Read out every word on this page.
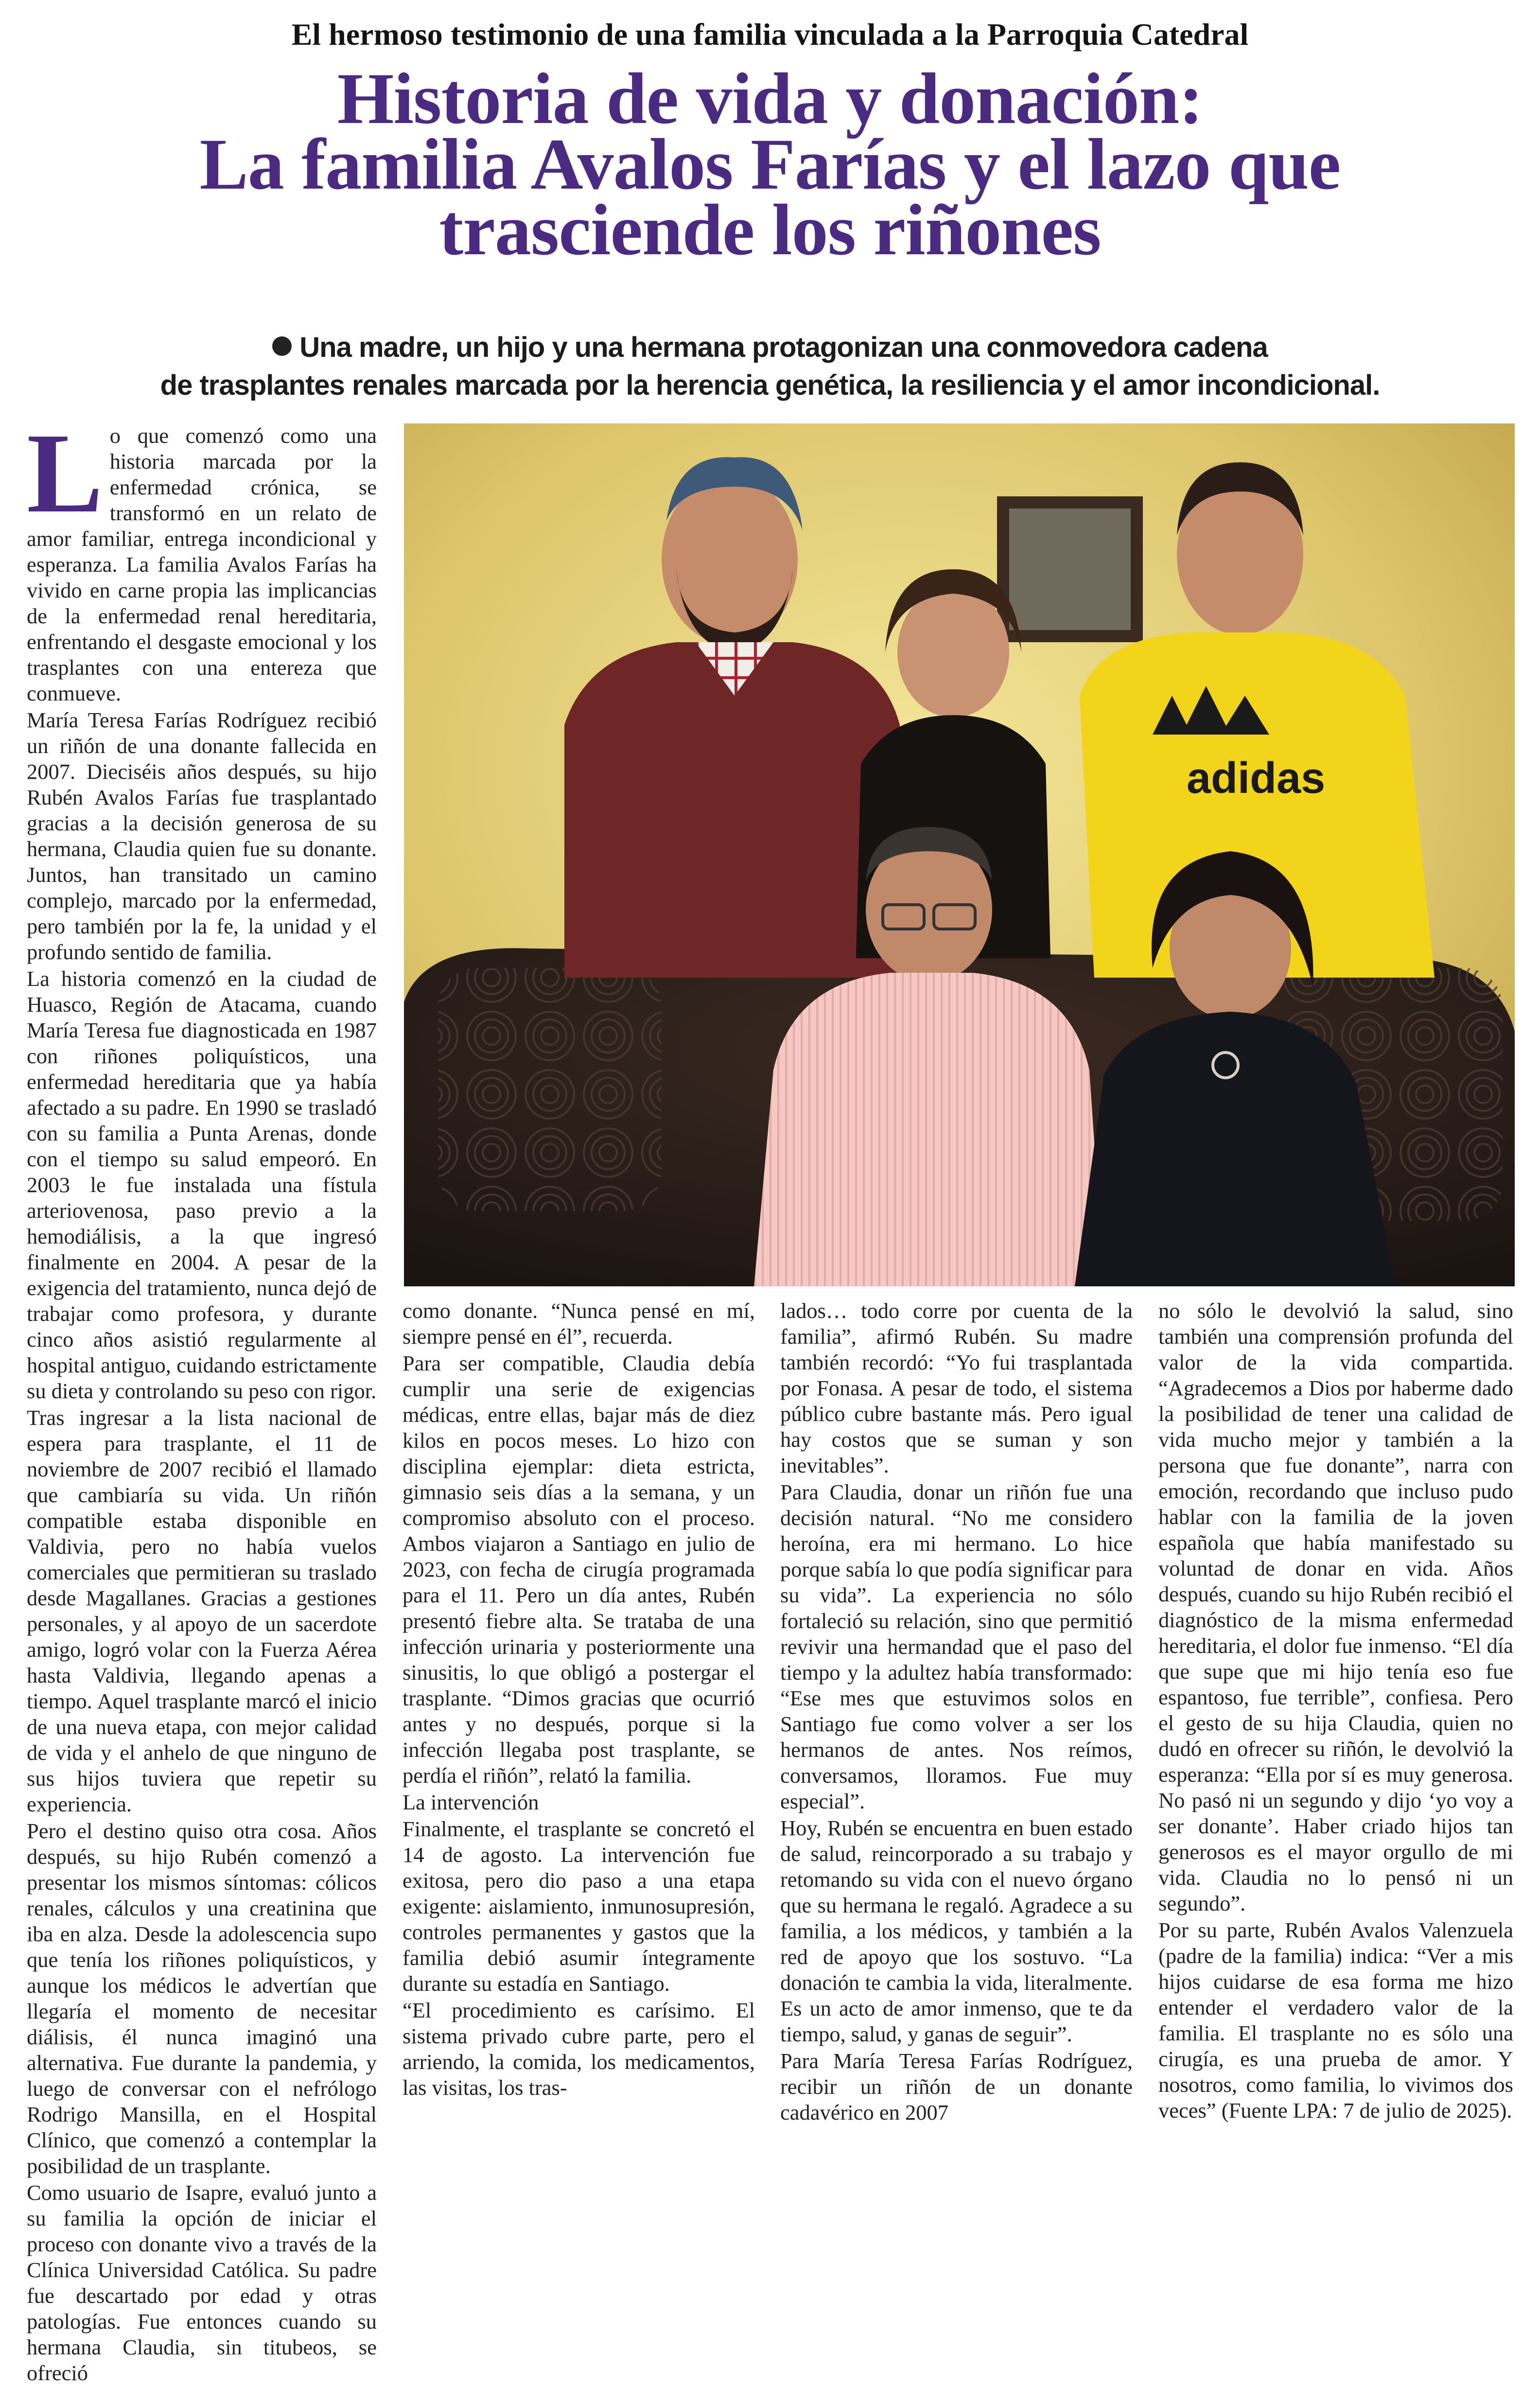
El hermoso testimonio de una familia vinculada a la Parroquia Catedral
Historia de vida y donación:
La familia Avalos Farías y el lazo que
trasciende los riñones
Una madre, un hijo y una hermana protagonizan una conmovedora cadena
de trasplantes renales marcada por la herencia genética, la resiliencia y el amor incondicional.

Lo que comenzó como una historia marcada por la enfermedad crónica, se transformó en un relato de amor familiar, entrega incondicional y esperanza. La familia Avalos Farías ha vivido en carne propia las implicancias de la enfermedad renal hereditaria, enfrentando el desgaste emocional y los trasplantes con una entereza que conmueve.

María Teresa Farías Rodríguez recibió un riñón de una donante fallecida en 2007. Dieciséis años después, su hijo Rubén Avalos Farías fue trasplantado gracias a la decisión generosa de su hermana, Claudia quien fue su donante. Juntos, han transitado un camino complejo, marcado por la enfermedad, pero también por la fe, la unidad y el profundo sentido de familia.

La historia comenzó en la ciudad de Huasco, Región de Atacama, cuando María Teresa fue diagnosticada en 1987 con riñones poliquísticos, una enfermedad hereditaria que ya había afectado a su padre. En 1990 se trasladó con su familia a Punta Arenas, donde con el tiempo su salud empeoró. En 2003 le fue instalada una fístula arteriovenosa, paso previo a la hemodiálisis, a la que ingresó finalmente en 2004. A pesar de la exigencia del tratamiento, nunca dejó de trabajar como profesora, y durante cinco años asistió regularmente al hospital antiguo, cuidando estrictamente su dieta y controlando su peso con rigor.

Tras ingresar a la lista nacional de espera para trasplante, el 11 de noviembre de 2007 recibió el llamado que cambiaría su vida. Un riñón compatible estaba disponible en Valdivia, pero no había vuelos comerciales que permitieran su traslado desde Magallanes. Gracias a gestiones personales, y al apoyo de un sacerdote amigo, logró volar con la Fuerza Aérea hasta Valdivia, llegando apenas a tiempo. Aquel trasplante marcó el inicio de una nueva etapa, con mejor calidad de vida y el anhelo de que ninguno de sus hijos tuviera que repetir su experiencia.

Pero el destino quiso otra cosa. Años después, su hijo Rubén comenzó a presentar los mismos síntomas: cólicos renales, cálculos y una creatinina que iba en alza. Desde la adolescencia supo que tenía los riñones poliquísticos, y aunque los médicos le advertían que llegaría el momento de necesitar diálisis, él nunca imaginó una alternativa. Fue durante la pandemia, y luego de conversar con el nefrólogo Rodrigo Mansilla, en el Hospital Clínico, que comenzó a contemplar la posibilidad de un trasplante.

Como usuario de Isapre, evaluó junto a su familia la opción de iniciar el proceso con donante vivo a través de la Clínica Universidad Católica. Su padre fue descartado por edad y otras patologías. Fue entonces cuando su hermana Claudia, sin titubeos, se ofreció

adidas

como donante. “Nunca pensé en mí, siempre pensé en él”, recuerda.

Para ser compatible, Claudia debía cumplir una serie de exigencias médicas, entre ellas, bajar más de diez kilos en pocos meses. Lo hizo con disciplina ejemplar: dieta estricta, gimnasio seis días a la semana, y un compromiso absoluto con el proceso. Ambos viajaron a Santiago en julio de 2023, con fecha de cirugía programada para el 11. Pero un día antes, Rubén presentó fiebre alta. Se trataba de una infección urinaria y posteriormente una sinusitis, lo que obligó a postergar el trasplante. “Dimos gracias que ocurrió antes y no después, porque si la infección llegaba post trasplante, se perdía el riñón”, relató la familia.

La intervención

Finalmente, el trasplante se concretó el 14 de agosto. La intervención fue exitosa, pero dio paso a una etapa exigente: aislamiento, inmunosupresión, controles permanentes y gastos que la familia debió asumir íntegramente durante su estadía en Santiago.

“El procedimiento es carísimo. El sistema privado cubre parte, pero el arriendo, la comida, los medicamentos, las visitas, los tras-

lados… todo corre por cuenta de la familia”, afirmó Rubén. Su madre también recordó: “Yo fui trasplantada por Fonasa. A pesar de todo, el sistema público cubre bastante más. Pero igual hay costos que se suman y son inevitables”.

Para Claudia, donar un riñón fue una decisión natural. “No me considero heroína, era mi hermano. Lo hice porque sabía lo que podía significar para su vida”. La experiencia no sólo fortaleció su relación, sino que permitió revivir una hermandad que el paso del tiempo y la adultez había transformado: “Ese mes que estuvimos solos en Santiago fue como volver a ser los hermanos de antes. Nos reímos, conversamos, lloramos. Fue muy especial”.

Hoy, Rubén se encuentra en buen estado de salud, reincorporado a su trabajo y retomando su vida con el nuevo órgano que su hermana le regaló. Agradece a su familia, a los médicos, y también a la red de apoyo que los sostuvo. “La donación te cambia la vida, literalmente. Es un acto de amor inmenso, que te da tiempo, salud, y ganas de seguir”.

Para María Teresa Farías Rodríguez, recibir un riñón de un donante cadavérico en 2007

no sólo le devolvió la salud, sino también una comprensión profunda del valor de la vida compartida. “Agradecemos a Dios por haberme dado la posibilidad de tener una calidad de vida mucho mejor y también a la persona que fue donante”, narra con emoción, recordando que incluso pudo hablar con la familia de la joven española que había manifestado su voluntad de donar en vida. Años después, cuando su hijo Rubén recibió el diagnóstico de la misma enfermedad hereditaria, el dolor fue inmenso. “El día que supe que mi hijo tenía eso fue espantoso, fue terrible”, confiesa. Pero el gesto de su hija Claudia, quien no dudó en ofrecer su riñón, le devolvió la esperanza: “Ella por sí es muy generosa. No pasó ni un segundo y dijo ‘yo voy a ser donante’. Haber criado hijos tan generosos es el mayor orgullo de mi vida. Claudia no lo pensó ni un segundo”.

Por su parte, Rubén Avalos Valenzuela (padre de la familia) indica: “Ver a mis hijos cuidarse de esa forma me hizo entender el verdadero valor de la familia. El trasplante no es sólo una cirugía, es una prueba de amor. Y nosotros, como familia, lo vivimos dos veces” (Fuente LPA: 7 de julio de 2025).
